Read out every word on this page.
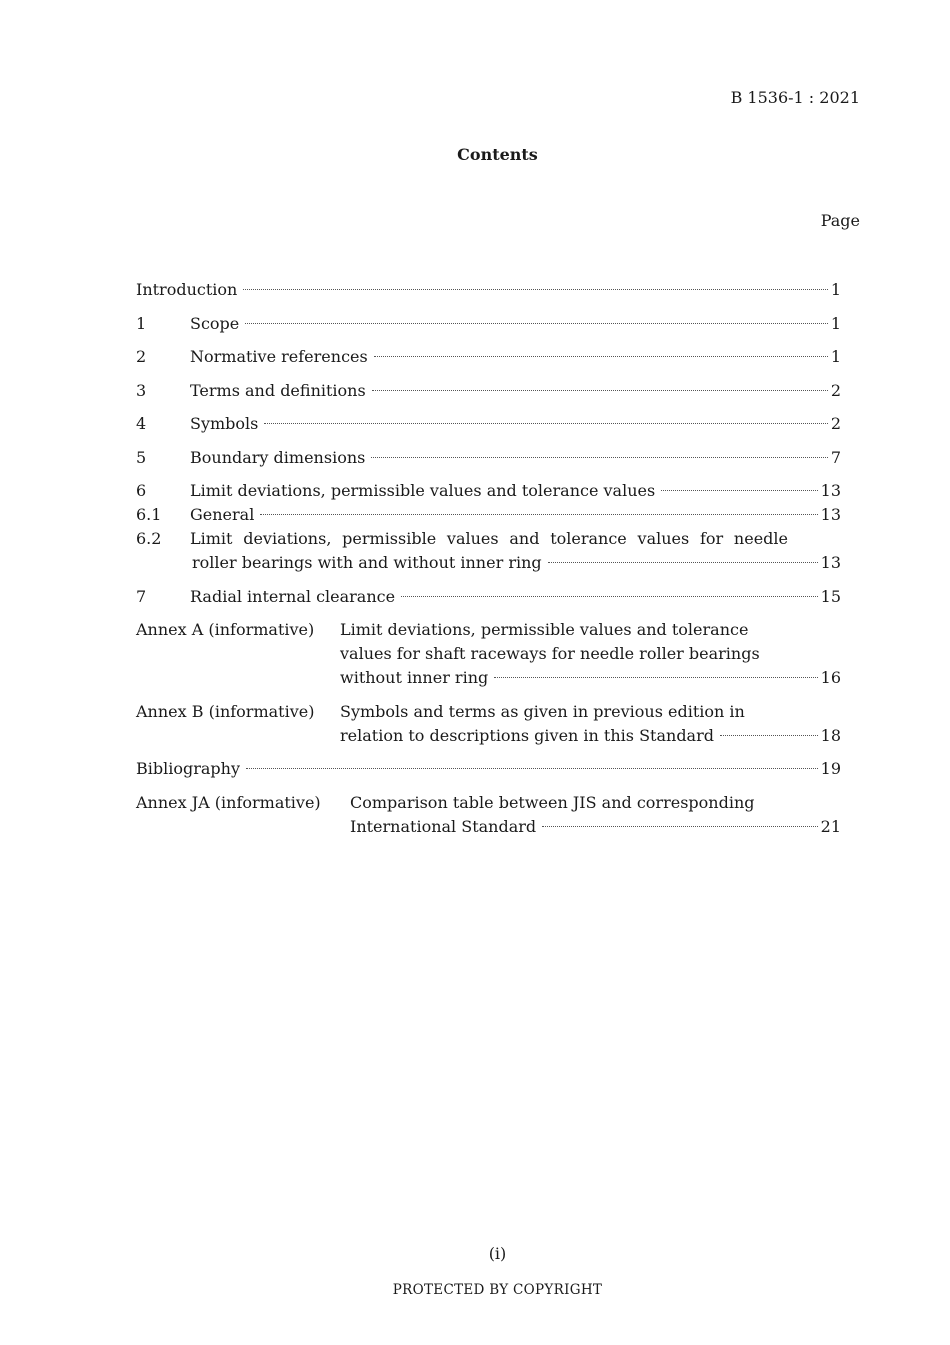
B 1536-1 : 2021
Contents
Page
Introduction	1
1	Scope	1
2	Normative references	1
3	Terms and definitions	2
4	Symbols	2
5	Boundary dimensions	7
6	Limit deviations, permissible values and tolerance values	13
6.1	General	13
6.2	Limit deviations, permissible values and tolerance values for needle
roller bearings with and without inner ring	13
7	Radial internal clearance	15
Annex A (informative)	Limit deviations, permissible values and tolerance
values for shaft raceways for needle roller bearings
without inner ring	16
Annex B (informative)	Symbols and terms as given in previous edition in
relation to descriptions given in this Standard	18
Bibliography	19
Annex JA (informative)	Comparison table between JIS and corresponding
International Standard	21
(i)
PROTECTED BY COPYRIGHT
